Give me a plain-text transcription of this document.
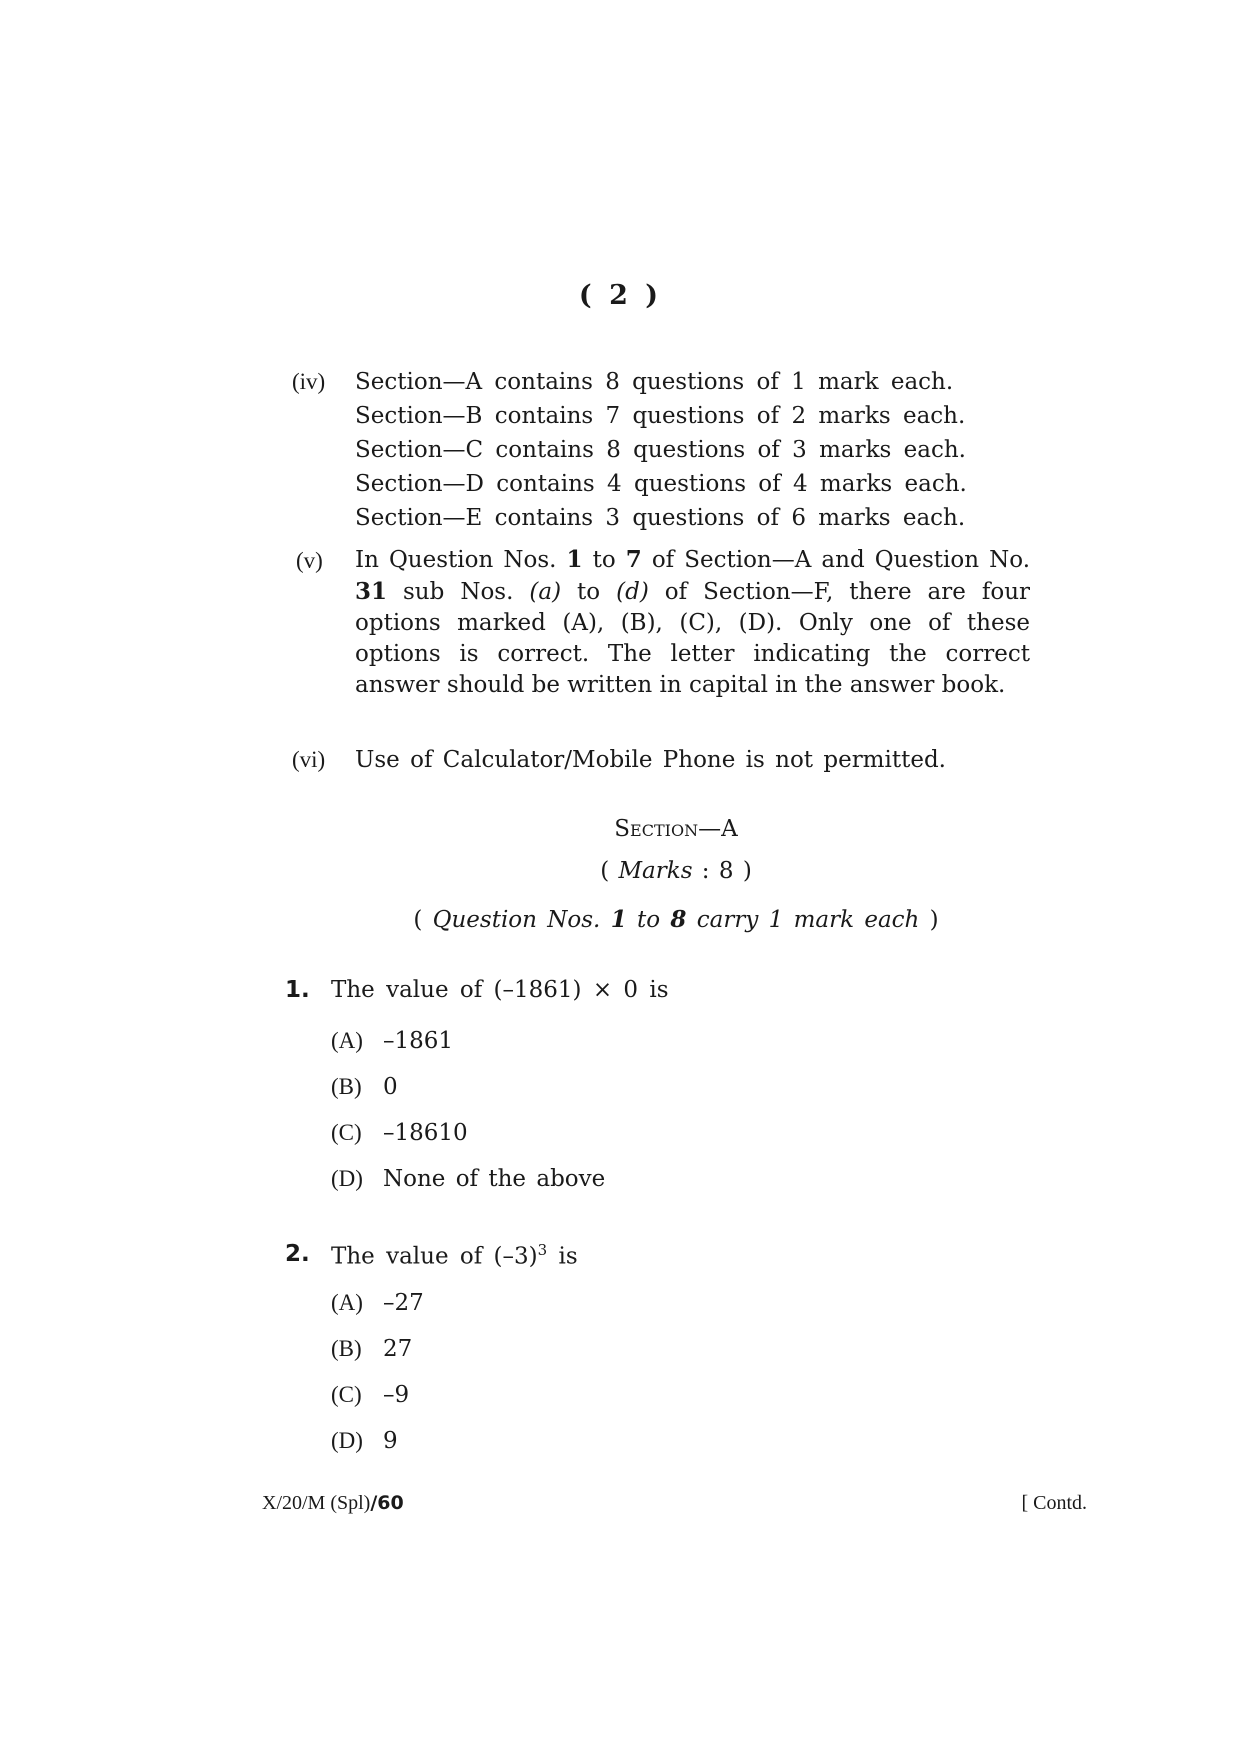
( 2 )
(iv)	Section—A contains 8 questions of 1 mark each.
Section—B contains 7 questions of 2 marks each.
Section—C contains 8 questions of 3 marks each.
Section—D contains 4 questions of 4 marks each.
Section—E contains 3 questions of 6 marks each.
(v)	In Question Nos. 1 to 7 of Section—A and Question No. 31 sub Nos. (a) to (d) of Section—F, there are four options marked (A), (B), (C), (D). Only one of these options is correct. The letter indicating the correct answer should be written in capital in the answer book.
(vi)	Use of Calculator/Mobile Phone is not permitted.
Section—A
( Marks : 8 )
( Question Nos. 1 to 8 carry 1 mark each )
1. The value of (–1861) × 0 is
(A) –1861
(B) 0
(C) –18610
(D) None of the above
2. The value of $(-3)^3$ is
(A) –27
(B) 27
(C) –9
(D) 9
X/20/M (Spl)/60	[ Contd.
